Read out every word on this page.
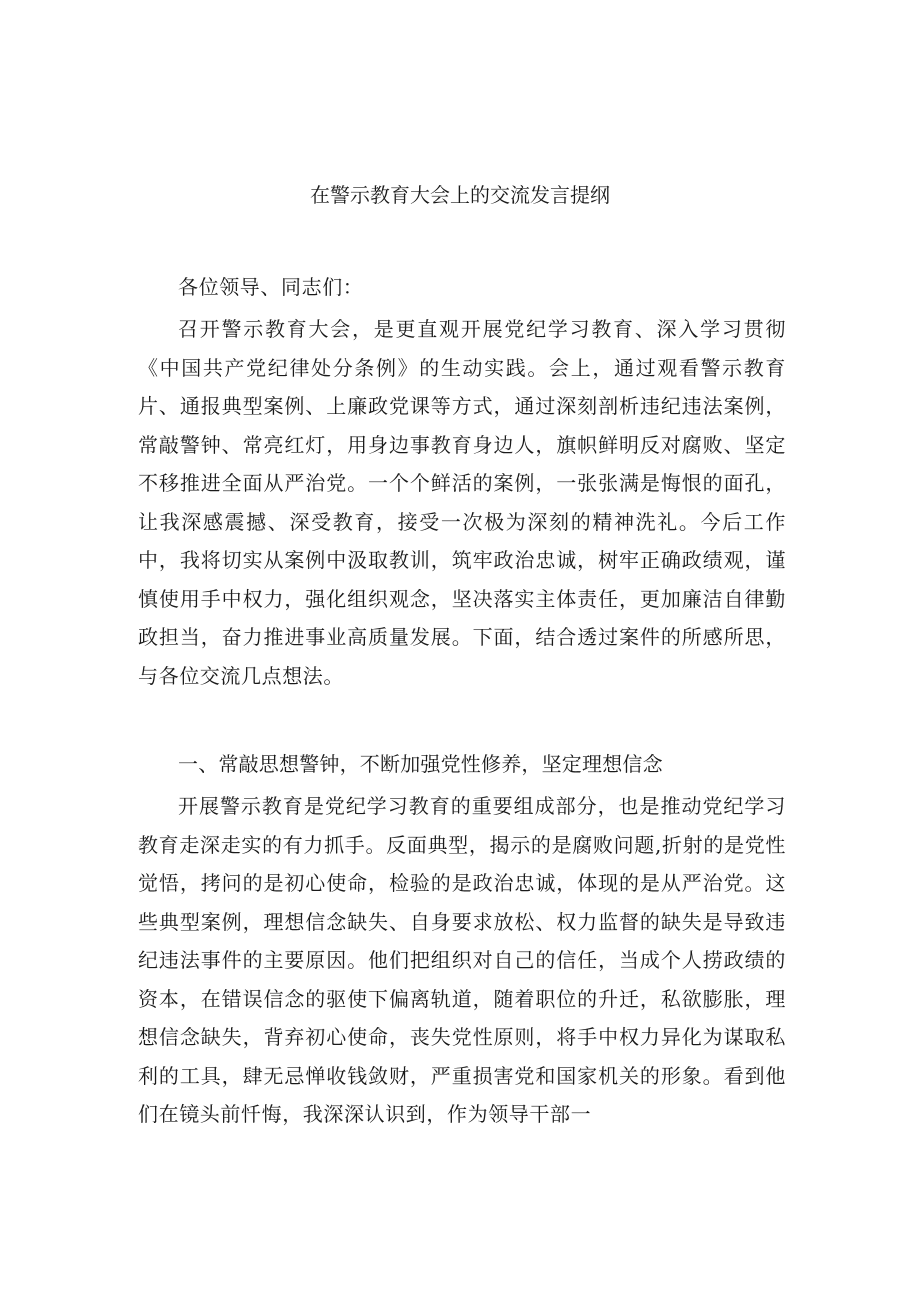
在警示教育大会上的交流发言提纲

各位领导、同志们：

召开警示教育大会，是更直观开展党纪学习教育、深入学习贯彻《中国共产党纪律处分条例》的生动实践。会上，通过观看警示教育片、通报典型案例、上廉政党课等方式，通过深刻剖析违纪违法案例，常敲警钟、常亮红灯，用身边事教育身边人，旗帜鲜明反对腐败、坚定不移推进全面从严治党。一个个鲜活的案例，一张张满是悔恨的面孔，让我深感震撼、深受教育，接受一次极为深刻的精神洗礼。今后工作中，我将切实从案例中汲取教训，筑牢政治忠诚，树牢正确政绩观，谨慎使用手中权力，强化组织观念，坚决落实主体责任，更加廉洁自律勤政担当，奋力推进事业高质量发展。下面，结合透过案件的所感所思，与各位交流几点想法。

一、常敲思想警钟，不断加强党性修养，坚定理想信念

开展警示教育是党纪学习教育的重要组成部分，也是推动党纪学习教育走深走实的有力抓手。反面典型，揭示的是腐败问题,折射的是党性觉悟，拷问的是初心使命，检验的是政治忠诚，体现的是从严治党。这些典型案例，理想信念缺失、自身要求放松、权力监督的缺失是导致违纪违法事件的主要原因。他们把组织对自己的信任，当成个人捞政绩的资本，在错误信念的驱使下偏离轨道，随着职位的升迁，私欲膨胀，理想信念缺失，背弃初心使命，丧失党性原则，将手中权力异化为谋取私利的工具，肆无忌惮收钱敛财，严重损害党和国家机关的形象。看到他们在镜头前忏悔，我深深认识到，作为领导干部一
